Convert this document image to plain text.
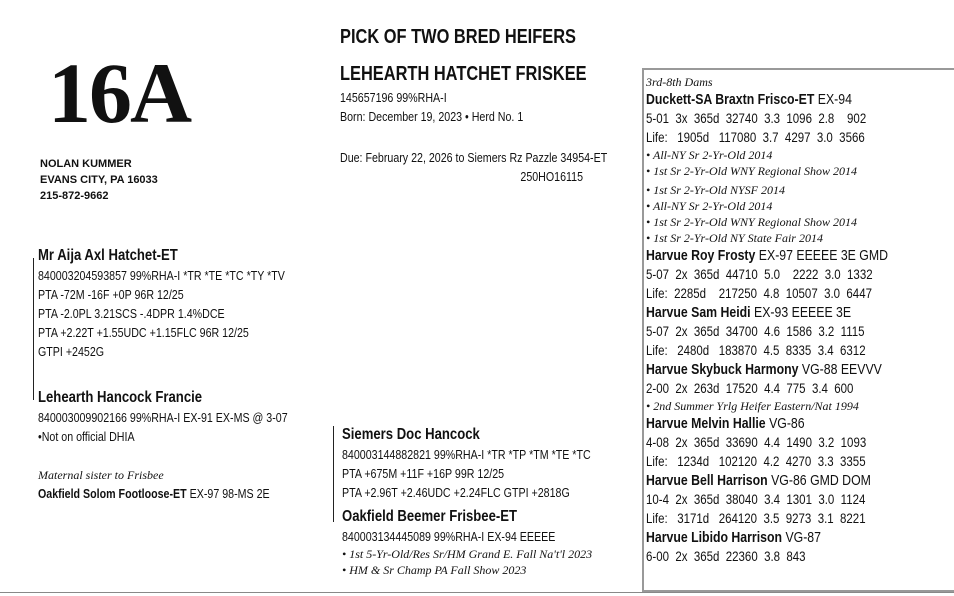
16A
NOLAN KUMMER
EVANS CITY, PA 16033
215-872-9662
PICK OF TWO BRED HEIFERS
LEHEARTH HATCHET FRISKEE
145657196 99%RHA-I
Born: December 19, 2023 • Herd No. 1
Due: February 22, 2026 to Siemers Rz Pazzle 34954-ET
250HO16115
Mr Aija Axl Hatchet-ET
840003204593857 99%RHA-I *TR *TE *TC *TY *TV
PTA -72M -16F +0P 96R 12/25
PTA -2.0PL 3.21SCS -.4DPR 1.4%DCE
PTA +2.22T +1.55UDC +1.15FLC 96R 12/25
GTPI +2452G
Lehearth Hancock Francie
840003009902166 99%RHA-I EX-91 EX-MS @ 3-07
•Not on official DHIA
Maternal sister to Frisbee
Oakfield Solom Footloose-ET EX-97 98-MS 2E
Siemers Doc Hancock
840003144882821 99%RHA-I *TR *TP *TM *TE *TC
PTA +675M +11F +16P 99R 12/25
PTA +2.96T +2.46UDC +2.24FLC GTPI +2818G
Oakfield Beemer Frisbee-ET
840003134445089 99%RHA-I EX-94 EEEEE
• 1st 5-Yr-Old/Res Sr/HM Grand E. Fall Na't'l 2023
• HM & Sr Champ PA Fall Show 2023
3rd-8th Dams
Duckett-SA Braxtn Frisco-ET EX-94
5-01  3x  365d  32740  3.3  1096  2.8    902
Life:   1905d   117080  3.7  4297  3.0  3566
• All-NY Sr 2-Yr-Old 2014
• 1st Sr 2-Yr-Old WNY Regional Show 2014
• 1st Sr 2-Yr-Old NYSF 2014
• All-NY Sr 2-Yr-Old 2014
• 1st Sr 2-Yr-Old WNY Regional Show 2014
• 1st Sr 2-Yr-Old NY State Fair 2014
Harvue Roy Frosty EX-97 EEEEE 3E GMD
5-07  2x  365d  44710  5.0    2222  3.0  1332
Life:  2285d    217250  4.8  10507  3.0  6447
Harvue Sam Heidi EX-93 EEEEE 3E
5-07  2x  365d  34700  4.6  1586  3.2  1115
Life:   2480d   183870  4.5  8335  3.4  6312
Harvue Skybuck Harmony VG-88 EEVVV
2-00  2x  263d  17520  4.4  775  3.4  600
• 2nd Summer Yrlg Heifer Eastern/Nat 1994
Harvue Melvin Hallie VG-86
4-08  2x  365d  33690  4.4  1490  3.2  1093
Life:   1234d   102120  4.2  4270  3.3  3355
Harvue Bell Harrison VG-86 GMD DOM
10-4  2x  365d  38040  3.4  1301  3.0  1124
Life:   3171d   264120  3.5  9273  3.1  8221
Harvue Libido Harrison VG-87
6-00  2x  365d  22360  3.8  843
